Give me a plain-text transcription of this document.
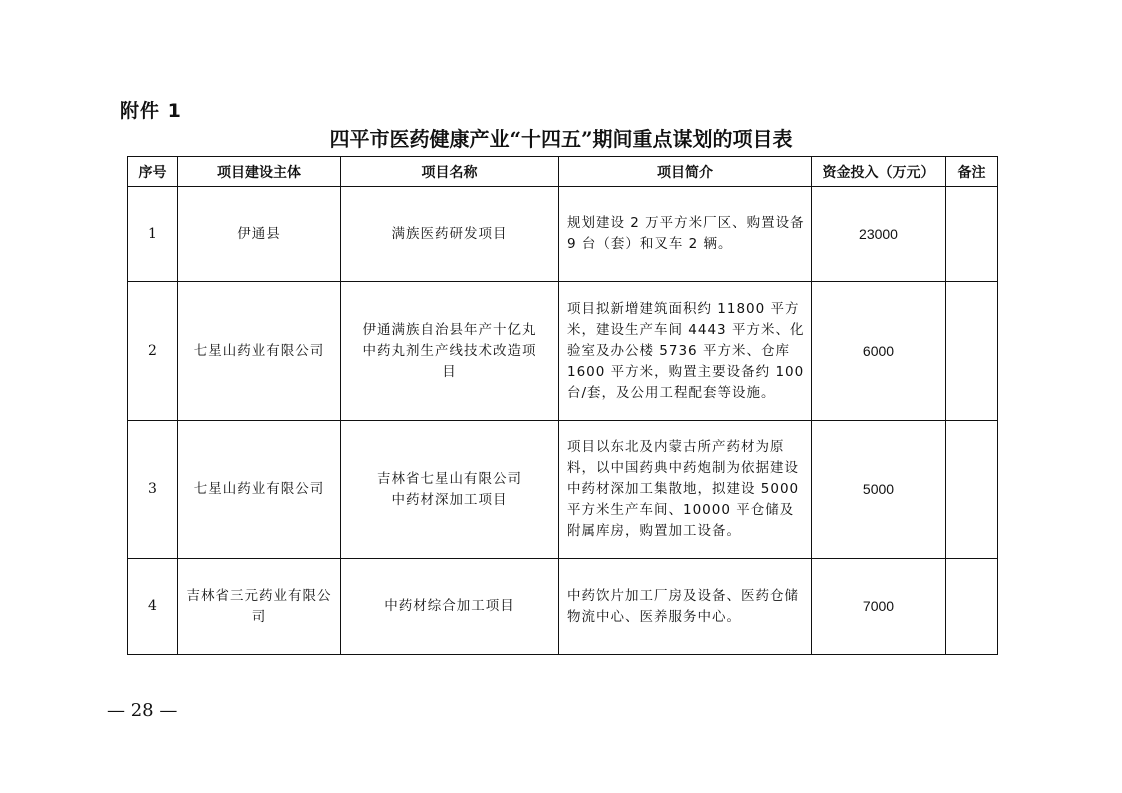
附件 1
四平市医药健康产业“十四五”期间重点谋划的项目表
序号	项目建设主体	项目名称	项目简介	资金投入（万元）	备注
1	伊通县	满族医药研发项目	规划建设 2 万平方米厂区、购置设备 9 台（套）和叉车 2 辆。	23000	
2	七星山药业有限公司	伊通满族自治县年产十亿丸中药丸剂生产线技术改造项目	项目拟新增建筑面积约 11800 平方米，建设生产车间 4443 平方米、化验室及办公楼 5736 平方米、仓库 1600 平方米，购置主要设备约 100 台/套，及公用工程配套等设施。	6000	
3	七星山药业有限公司	吉林省七星山有限公司中药材深加工项目	项目以东北及内蒙古所产药材为原料，以中国药典中药炮制为依据建设中药材深加工集散地，拟建设 5000 平方米生产车间、10000 平仓储及附属库房，购置加工设备。	5000	
4	吉林省三元药业有限公司	中药材综合加工项目	中药饮片加工厂房及设备、医药仓储物流中心、医养服务中心。	7000	
— 28 —
